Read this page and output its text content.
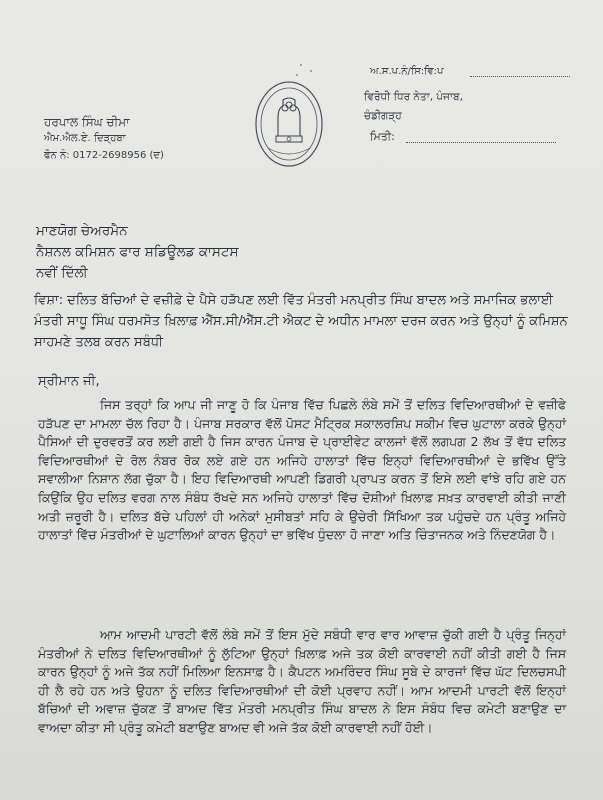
ਹਰਪਾਲ ਸਿੰਘ ਚੀਮਾ
ਐਮ.ਐਲ.ਏ. ਦਿੜ੍ਹਬਾ
ਫੋਨ ਨੰ: 0172-2698956 (ਦ)
ਅ.ਸ.ਪ.ਨੰ/ਸਿ:ਵਿ:ਪ
ਵਿਰੋਧੀ ਧਿਰ ਨੇਤਾ, ਪੰਜਾਬ,
ਚੰਡੀਗੜ੍ਹ
ਮਿਤੀ:
ਮਾਣਯੋਗ ਚੇਅਰਮੈਨ
ਨੈਸ਼ਨਲ ਕਮਿਸ਼ਨ ਫਾਰ ਸ਼ਡਿਊਲਡ ਕਾਸਟਸ
ਨਵੀਂ ਦਿੱਲੀ
ਵਿਸ਼ਾ: ਦਲਿਤ ਬੱਚਿਆਂ ਦੇ ਵਜ਼ੀਫ਼ੇ ਦੇ ਪੈਸੇ ਹੜੱਪਣ ਲਈ ਵਿੱਤ ਮੰਤਰੀ ਮਨਪ੍ਰੀਤ ਸਿੰਘ ਬਾਦਲ ਅਤੇ ਸਮਾਜਿਕ ਭਲਾਈ ਮੰਤਰੀ ਸਾਧੂ ਸਿੰਘ ਧਰਮਸੋਤ ਖ਼ਿਲਾਫ਼ ਐੱਸ.ਸੀ/ਐੱਸ.ਟੀ ਐਕਟ ਦੇ ਅਧੀਨ ਮਾਮਲਾ ਦਰਜ ਕਰਨ ਅਤੇ ਉਨ੍ਹਾਂ ਨੂੰ ਕਮਿਸ਼ਨ ਸਾਹਮਣੇ ਤਲਬ ਕਰਨ ਸਬੰਧੀ
ਸ੍ਰੀਮਾਨ ਜੀ,
ਜਿਸ ਤਰ੍ਹਾਂ ਕਿ ਆਪ ਜੀ ਜਾਣੂ ਹੋ ਕਿ ਪੰਜਾਬ ਵਿੱਚ ਪਿਛਲੇ ਲੰਬੇ ਸਮੇਂ ਤੋਂ ਦਲਿਤ ਵਿਦਿਆਰਥੀਆਂ ਦੇ ਵਜ਼ੀਫੇ ਹੜੱਪਣ ਦਾ ਮਾਮਲਾ ਚੱਲ ਰਿਹਾ ਹੈ। ਪੰਜਾਬ ਸਰਕਾਰ ਵੱਲੋਂ ਪੋਸਟ ਮੈਟ੍ਰਿਕ ਸਕਾਲਰਸ਼ਿਪ ਸਕੀਮ ਵਿਚ ਘੁਟਾਲਾ ਕਰਕੇ ਉਨ੍ਹਾਂ ਪੈਸਿਆਂ ਦੀ ਦੁਰਵਰਤੋਂ ਕਰ ਲਈ ਗਈ ਹੈ ਜਿਸ ਕਾਰਨ ਪੰਜਾਬ ਦੇ ਪ੍ਰਾਈਵੇਟ ਕਾਲਜਾਂ ਵੱਲੋਂ ਲਗਪਗ 2 ਲੱਖ ਤੋਂ ਵੱਧ ਦਲਿਤ ਵਿਦਿਆਰਥੀਆਂ ਦੇ ਰੋਲ ਨੰਬਰ ਰੋਕ ਲਏ ਗਏ ਹਨ ਅਜਿਹੇ ਹਾਲਾਤਾਂ ਵਿੱਚ ਇਨ੍ਹਾਂ ਵਿਦਿਆਰਥੀਆਂ ਦੇ ਭਵਿੱਖ ਉੱਤੇ ਸਵਾਲੀਆ ਨਿਸ਼ਾਨ ਲੱਗ ਚੁੱਕਾ ਹੈ। ਇਹ ਵਿਦਿਆਰਥੀ ਆਪਣੀ ਡਿਗਰੀ ਪ੍ਰਾਪਤ ਕਰਨ ਤੋਂ ਇਸੇ ਲਈ ਵਾਂਝੇ ਰਹਿ ਗਏ ਹਨ ਕਿਉਂਕਿ ਉਹ ਦਲਿਤ ਵਰਗ ਨਾਲ ਸੰਬੰਧ ਰੱਖਦੇ ਸਨ ਅਜਿਹੇ ਹਾਲਾਤਾਂ ਵਿੱਚ ਦੋਸ਼ੀਆਂ ਖ਼ਿਲਾਫ਼ ਸਖ਼ਤ ਕਾਰਵਾਈ ਕੀਤੀ ਜਾਣੀ ਅਤੀ ਜ਼ਰੂਰੀ ਹੈ। ਦਲਿਤ ਬੱਚੇ ਪਹਿਲਾਂ ਹੀ ਅਨੇਕਾਂ ਮੁਸੀਬਤਾਂ ਸਹਿ ਕੇ ਉਚੇਰੀ ਸਿੱਖਿਆ ਤਕ ਪਹੁੰਚਦੇ ਹਨ ਪ੍ਰੰਤੂ ਅਜਿਹੇ ਹਾਲਾਤਾਂ ਵਿੱਚ ਮੰਤਰੀਆਂ ਦੇ ਘੁਟਾਲਿਆਂ ਕਾਰਨ ਉਨ੍ਹਾਂ ਦਾ ਭਵਿੱਖ ਧੁੰਦਲਾ ਹੋ ਜਾਣਾ ਅਤਿ ਚਿੰਤਾਜਨਕ ਅਤੇ ਨਿੰਦਣਯੋਗ ਹੈ।
ਆਮ ਆਦਮੀ ਪਾਰਟੀ ਵੱਲੋਂ ਲੰਬੇ ਸਮੇਂ ਤੋਂ ਇਸ ਮੁੱਦੇ ਸਬੰਧੀ ਵਾਰ ਵਾਰ ਆਵਾਜ਼ ਚੁੱਕੀ ਗਈ ਹੈ ਪ੍ਰੰਤੂ ਜਿਨ੍ਹਾਂ ਮੰਤਰੀਆਂ ਨੇ ਦਲਿਤ ਵਿਦਿਆਰਥੀਆਂ ਨੂੰ ਲੁੱਟਿਆ ਉਨ੍ਹਾਂ ਖ਼ਿਲਾਫ਼ ਅਜੇ ਤਕ ਕੋਈ ਕਾਰਵਾਈ ਨਹੀਂ ਕੀਤੀ ਗਈ ਹੈ ਜਿਸ ਕਾਰਨ ਉਨ੍ਹਾਂ ਨੂੰ ਅਜੇ ਤੱਕ ਨਹੀਂ ਮਿਲਿਆ ਇਨਸਾਫ਼ ਹੈ। ਕੈਪਟਨ ਅਮਰਿੰਦਰ ਸਿੰਘ ਸੂਬੇ ਦੇ ਕਾਰਜਾਂ ਵਿੱਚ ਘੱਟ ਦਿਲਚਸਪੀ ਹੀ ਲੈ ਰਹੇ ਹਨ ਅਤੇ ਉਹਨਾ ਨੂੰ ਦਲਿਤ ਵਿਦਿਆਰਥੀਆਂ ਦੀ ਕੋਈ ਪ੍ਰਵਾਹ ਨਹੀਂ। ਆਮ ਆਦਮੀ ਪਾਰਟੀ ਵੱਲੋਂ ਇਨ੍ਹਾਂ ਬੱਚਿਆਂ ਦੀ ਅਵਾਜ਼ ਚੁੱਕਣ ਤੋਂ ਬਾਅਦ ਵਿੱਤ ਮੰਤਰੀ ਮਨਪ੍ਰੀਤ ਸਿੰਘ ਬਾਦਲ ਨੇ ਇਸ ਸੰਬੰਧ ਵਿਚ ਕਮੇਟੀ ਬਣਾਉਣ ਦਾ ਵਾਅਦਾ ਕੀਤਾ ਸੀ ਪ੍ਰੰਤੂ ਕਮੇਟੀ ਬਣਾਉਣ ਬਾਅਦ ਵੀ ਅਜੇ ਤੱਕ ਕੋਈ ਕਾਰਵਾਈ ਨਹੀਂ ਹੋਈ।
